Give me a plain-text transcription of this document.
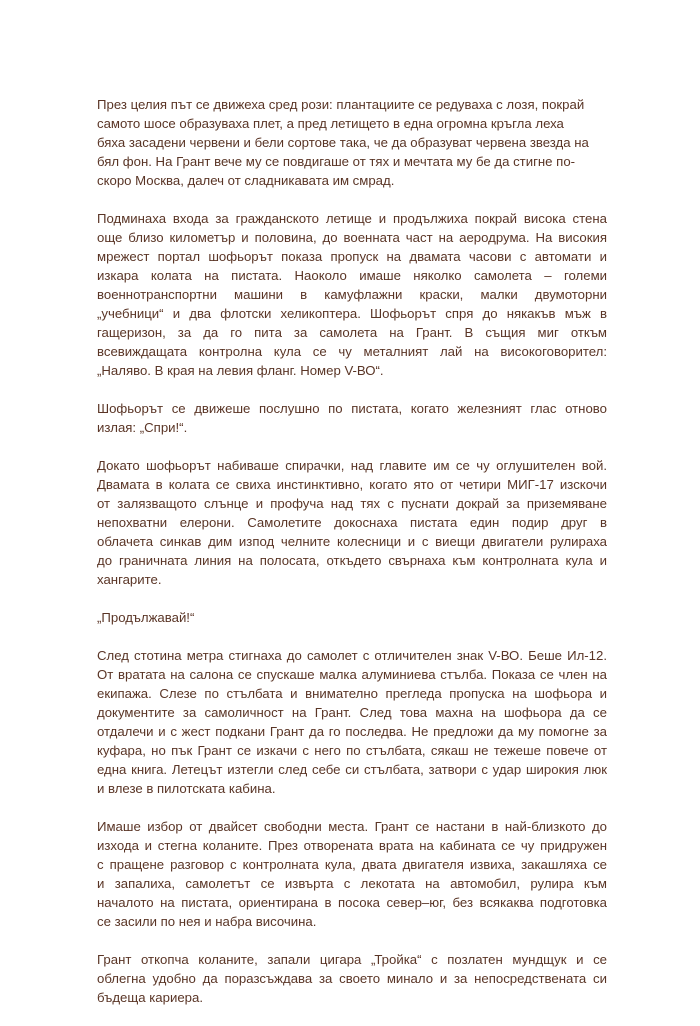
През целия път се движеха сред рози: плантациите се редуваха с лозя, покрай
самото шосе образуваха плет, а пред летището в една огромна кръгла леха
бяха засадени червени и бели сортове така, че да образуват червена звезда на
бял фон. На Грант вече му се повдигаше от тях и мечтата му бе да стигне по-
скоро Москва, далеч от сладникавата им смрад.
Подминаха входа за гражданското летище и продължиха покрай висока стена
още близо километър и половина, до военната част на аеродрума. На високия
мрежест портал шофьорът показа пропуск на двамата часови с автомати и
изкара колата на пистата. Наоколо имаше няколко самолета – големи
военнотранспортни машини в камуфлажни краски, малки двумоторни
„учебници“ и два флотски хеликоптера. Шофьорът спря до някакъв мъж в
гащеризон, за да го пита за самолета на Грант. В същия миг откъм
всевиждащата контролна кула се чу металният лай на високоговорител:
„Наляво. В края на левия фланг. Номер V-ВО“.
Шофьорът се движеше послушно по пистата, когато железният глас отново
излая: „Спри!“.
Докато шофьорът набиваше спирачки, над главите им се чу оглушителен вой.
Двамата в колата се свиха инстинктивно, когато ято от четири МИГ-17 изскочи
от залязващото слънце и профуча над тях с пуснати докрай за приземяване
непохватни елерони. Самолетите докоснаха пистата един подир друг в
облачета синкав дим изпод челните колесници и с виещи двигатели рулираха
до граничната линия на полосата, откъдето свърнаха към контролната кула и
хангарите.
„Продължавай!“
След стотина метра стигнаха до самолет с отличителен знак V-ВО. Беше Ил-12.
От вратата на салона се спускаше малка алуминиева стълба. Показа се член на
екипажа. Слезе по стълбата и внимателно прегледа пропуска на шофьора и
документите за самоличност на Грант. След това махна на шофьора да се
отдалечи и с жест подкани Грант да го последва. Не предложи да му помогне за
куфара, но пък Грант се изкачи с него по стълбата, сякаш не тежеше повече от
една книга. Летецът изтегли след себе си стълбата, затвори с удар широкия люк
и влезе в пилотската кабина.
Имаше избор от двайсет свободни места. Грант се настани в най-близкото до
изхода и стегна коланите. През отворената врата на кабината се чу придружен
с пращене разговор с контролната кула, двата двигателя извиха, закашляха се
и запалиха, самолетът се извърта с лекотата на автомобил, рулира към
началото на пистата, ориентирана в посока север–юг, без всякаква подготовка
се засили по нея и набра височина.
Грант откопча коланите, запали цигара „Тройка“ с позлатен мундщук и се
облегна удобно да поразсъждава за своето минало и за непосредствената си
бъдеща кариера.
